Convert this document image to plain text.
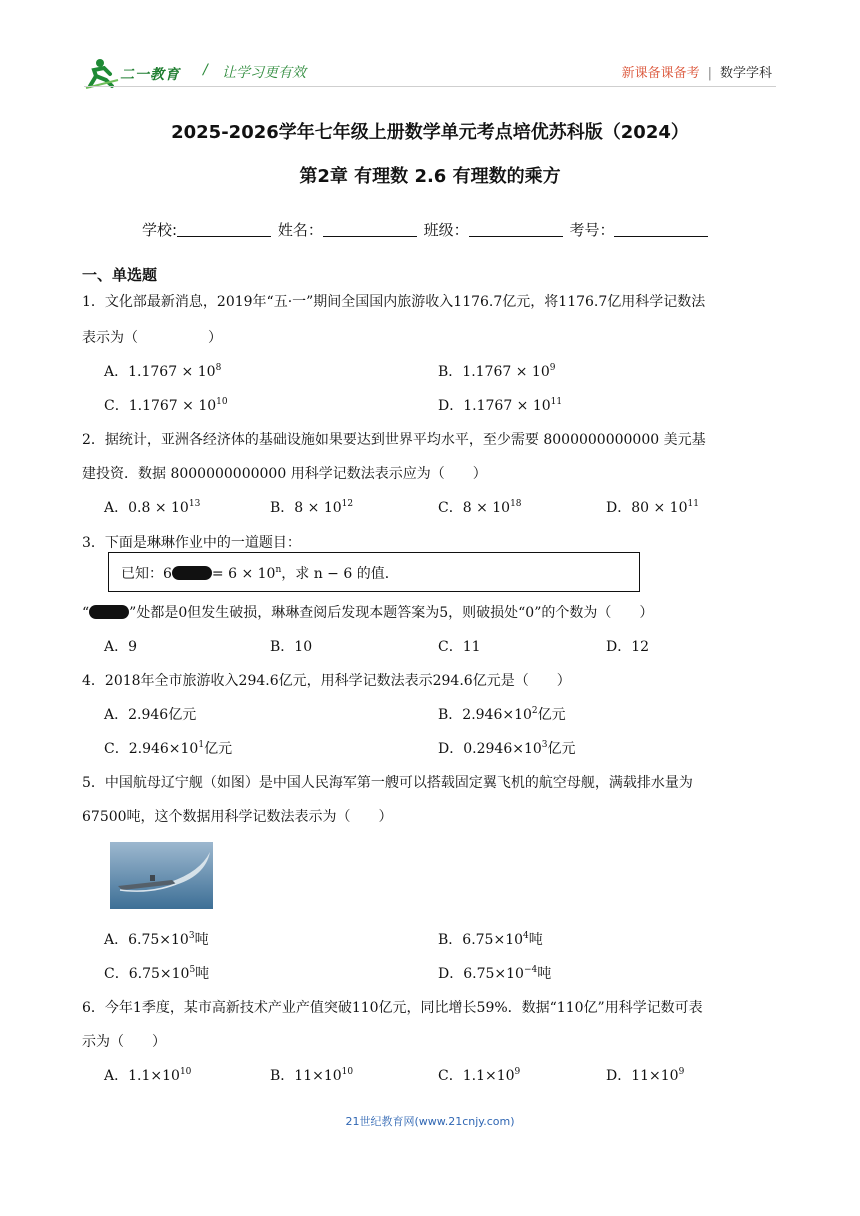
二一教育 / 让学习更有效	新课备课备考 | 数学学科
2025-2026学年七年级上册数学单元考点培优苏科版（2024）
第2章 有理数 2.6 有理数的乘方
学校:	姓名：	班级：	考号：
一、单选题
1．文化部最新消息，2019年“五·一”期间全国国内旅游收入1176.7亿元，将1176.7亿用科学记数法
表示为（　　　　　）
A．$1.1767 \times 10^8$	B．$1.1767 \times 10^9$
C．$1.1767 \times 10^{10}$	D．$1.1767 \times 10^{11}$
2．据统计，亚洲各经济体的基础设施如果要达到世界平均水平，至少需要 8000000000000 美元基
建投资．数据 8000000000000 用科学记数法表示应为（　　）
A．$0.8 \times 10^{13}$	B．$8 \times 10^{12}$	C．$8 \times 10^{18}$	D．$80 \times 10^{11}$
3．下面是琳琳作业中的一道题目：
已知：6	= $6 \times 10^n$，求 n − 6 的值．
“	”处都是0但发生破损，琳琳查阅后发现本题答案为5，则破损处“0”的个数为（　　）
A．9	B．10	C．11	D．12
4．2018年全市旅游收入294.6亿元，用科学记数法表示294.6亿元是（　　）
A．2.946亿元	B．$2.946\times 10^2$亿元
C．$2.946\times 10^1$亿元	D．$0.2946\times 10^3$亿元
5．中国航母辽宁舰（如图）是中国人民海军第一艘可以搭载固定翼飞机的航空母舰，满载排水量为
67500吨，这个数据用科学记数法表示为（　　）
A．$6.75\times 10^3$吨	B．$6.75\times 10^4$吨
C．$6.75\times 10^5$吨	D．$6.75\times 10^{-4}$吨
6．今年1季度，某市高新技术产业产值突破110亿元，同比增长59%．数据“110亿”用科学记数可表
示为（　　）
A．$1.1\times 10^{10}$	B．$11\times 10^{10}$	C．$1.1\times 10^9$	D．$11\times 10^9$
21世纪教育网(www.21cnjy.com)
